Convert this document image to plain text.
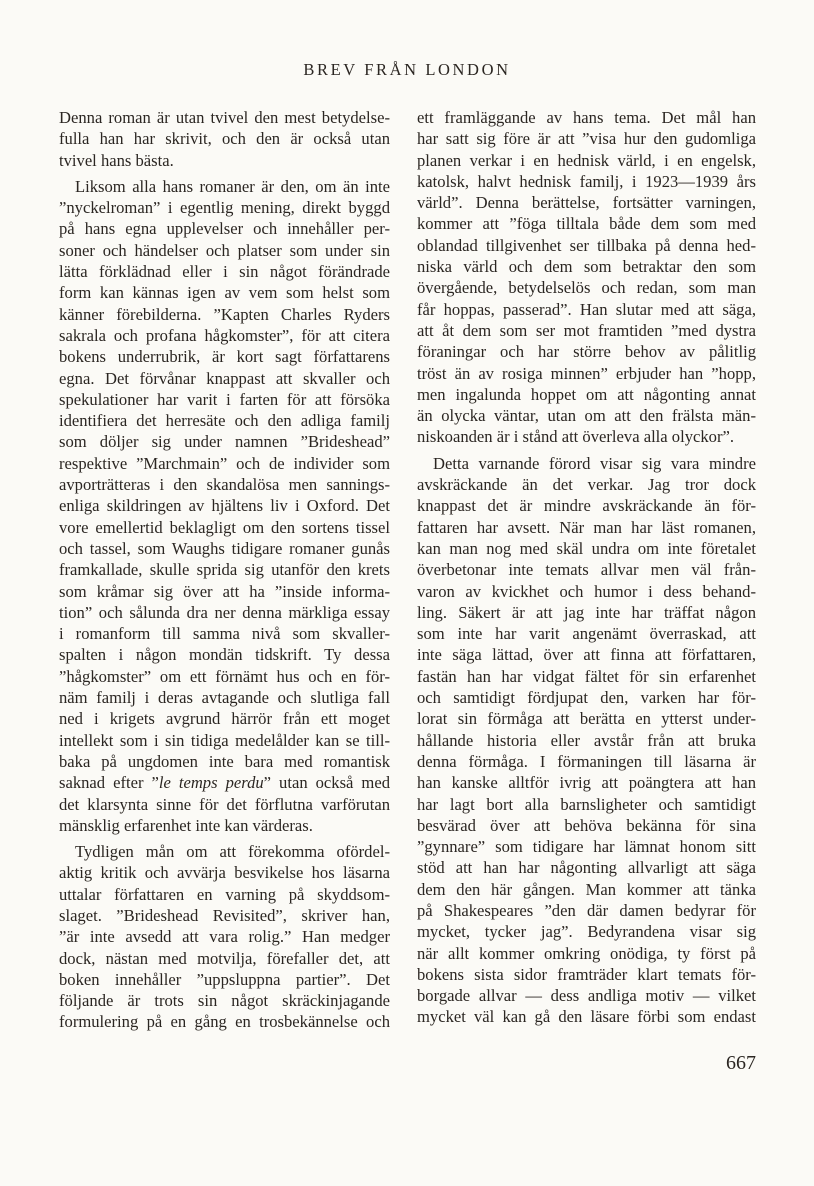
BREV FRÅN LONDON
Denna roman är utan tvivel den mest betydelse-
fulla han har skrivit, och den är också utan
tvivel hans bästa.
Liksom alla hans romaner är den, om än inte
”nyckelroman” i egentlig mening, direkt byggd
på hans egna upplevelser och innehåller per-
soner och händelser och platser som under sin
lätta förklädnad eller i sin något förändrade
form kan kännas igen av vem som helst som
känner förebilderna. ”Kapten Charles Ryders
sakrala och profana hågkomster”, för att citera
bokens underrubrik, är kort sagt författarens
egna. Det förvånar knappast att skvaller och
spekulationer har varit i farten för att försöka
identifiera det herresäte och den adliga familj
som döljer sig under namnen ”Brideshead”
respektive ”Marchmain” och de individer som
avporträtteras i den skandalösa men sannings-
enliga skildringen av hjältens liv i Oxford. Det
vore emellertid beklagligt om den sortens tissel
och tassel, som Waughs tidigare romaner gunås
framkallade, skulle sprida sig utanför den krets
som kråmar sig över att ha ”inside informa-
tion” och sålunda dra ner denna märkliga essay
i romanform till samma nivå som skvaller-
spalten i någon mondän tidskrift. Ty dessa
”hågkomster” om ett förnämt hus och en för-
näm familj i deras avtagande och slutliga fall
ned i krigets avgrund härrör från ett moget
intellekt som i sin tidiga medelålder kan se till-
baka på ungdomen inte bara med romantisk
saknad efter ”le temps perdu” utan också med
det klarsynta sinne för det förflutna varförutan
mänsklig erfarenhet inte kan värderas.
Tydligen mån om att förekomma ofördel-
aktig kritik och avvärja besvikelse hos läsarna
uttalar författaren en varning på skyddsom-
slaget. ”Brideshead Revisited”, skriver han,
”är inte avsedd att vara rolig.” Han medger
dock, nästan med motvilja, förefaller det, att
boken innehåller ”uppsluppna partier”. Det
följande är trots sin något skräckinjagande
formulering på en gång en trosbekännelse och
ett framläggande av hans tema. Det mål han
har satt sig före är att ”visa hur den gudomliga
planen verkar i en hednisk värld, i en engelsk,
katolsk, halvt hednisk familj, i 1923—1939 års
värld”. Denna berättelse, fortsätter varningen,
kommer att ”föga tilltala både dem som med
oblandad tillgivenhet ser tillbaka på denna hed-
niska värld och dem som betraktar den som
övergående, betydelselös och redan, som man
får hoppas, passerad”. Han slutar med att säga,
att åt dem som ser mot framtiden ”med dystra
föraningar och har större behov av pålitlig
tröst än av rosiga minnen” erbjuder han ”hopp,
men ingalunda hoppet om att någonting annat
än olycka väntar, utan om att den frälsta män-
niskoanden är i stånd att överleva alla olyckor”.
Detta varnande förord visar sig vara mindre
avskräckande än det verkar. Jag tror dock
knappast det är mindre avskräckande än för-
fattaren har avsett. När man har läst romanen,
kan man nog med skäl undra om inte företalet
överbetonar inte temats allvar men väl från-
varon av kvickhet och humor i dess behand-
ling. Säkert är att jag inte har träffat någon
som inte har varit angenämt överraskad, att
inte säga lättad, över att finna att författaren,
fastän han har vidgat fältet för sin erfarenhet
och samtidigt fördjupat den, varken har för-
lorat sin förmåga att berätta en ytterst under-
hållande historia eller avstår från att bruka
denna förmåga. I förmaningen till läsarna är
han kanske alltför ivrig att poängtera att han
har lagt bort alla barnsligheter och samtidigt
besvärad över att behöva bekänna för sina
”gynnare” som tidigare har lämnat honom sitt
stöd att han har någonting allvarligt att säga
dem den här gången. Man kommer att tänka
på Shakespeares ”den där damen bedyrar för
mycket, tycker jag”. Bedyrandena visar sig
när allt kommer omkring onödiga, ty först på
bokens sista sidor framträder klart temats för-
borgade allvar — dess andliga motiv — vilket
mycket väl kan gå den läsare förbi som endast
667
